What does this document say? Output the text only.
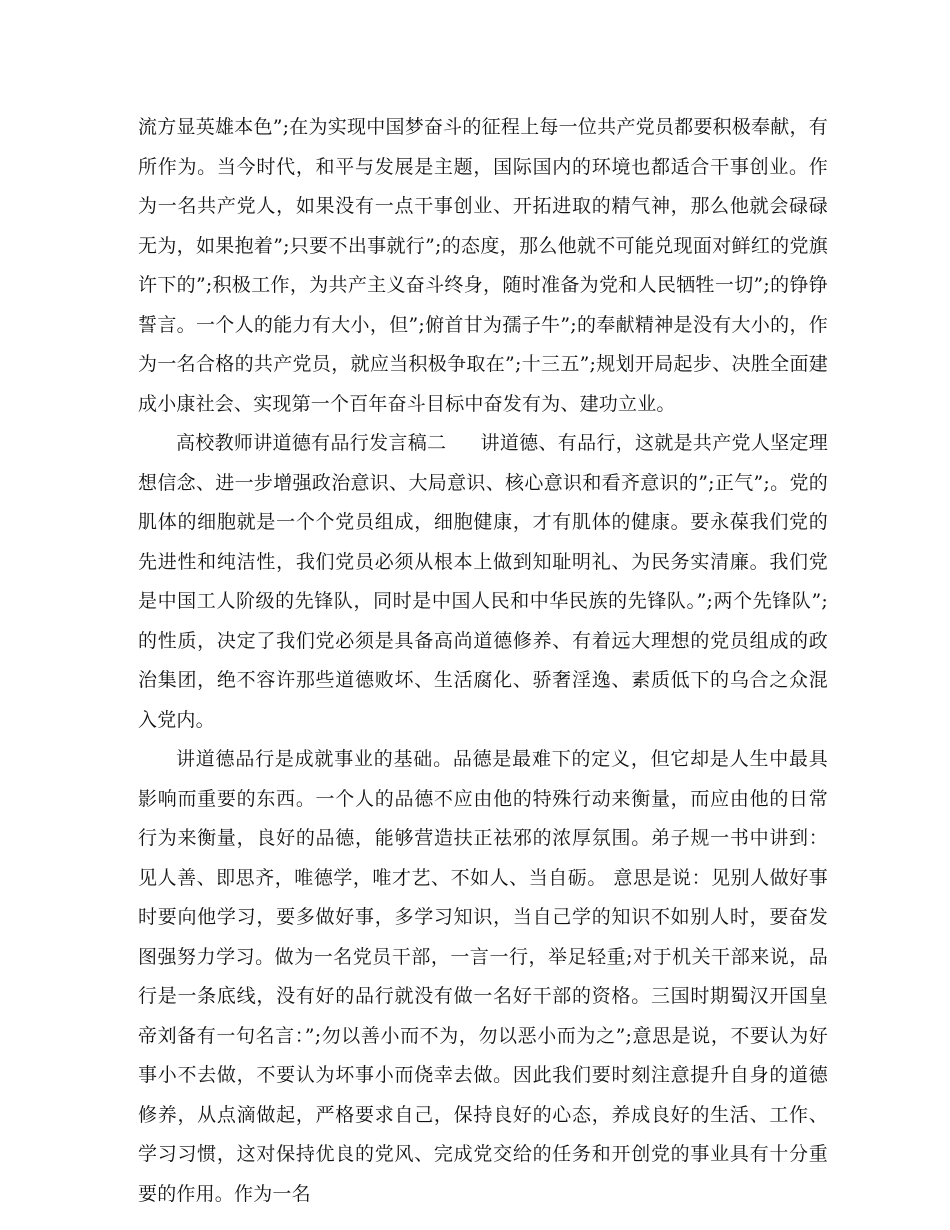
流方显英雄本色”;在为实现中国梦奋斗的征程上每一位共产党员都要积极奉献，有所作为。当今时代，和平与发展是主题，国际国内的环境也都适合干事创业。作为一名共产党人，如果没有一点干事创业、开拓进取的精气神，那么他就会碌碌无为，如果抱着”;只要不出事就行”;的态度，那么他就不可能兑现面对鲜红的党旗许下的”;积极工作，为共产主义奋斗终身，随时准备为党和人民牺牲一切”;的铮铮誓言。一个人的能力有大小，但”;俯首甘为孺子牛”;的奉献精神是没有大小的，作为一名合格的共产党员，就应当积极争取在”;十三五”;规划开局起步、决胜全面建成小康社会、实现第一个百年奋斗目标中奋发有为、建功立业。

高校教师讲道德有品行发言稿二 讲道德、有品行，这就是共产党人坚定理想信念、进一步增强政治意识、大局意识、核心意识和看齐意识的”;正气”;。党的肌体的细胞就是一个个党员组成，细胞健康，才有肌体的健康。要永葆我们党的先进性和纯洁性，我们党员必须从根本上做到知耻明礼、为民务实清廉。我们党是中国工人阶级的先锋队，同时是中国人民和中华民族的先锋队。”;两个先锋队”;的性质，决定了我们党必须是具备高尚道德修养、有着远大理想的党员组成的政治集团，绝不容许那些道德败坏、生活腐化、骄奢淫逸、素质低下的乌合之众混入党内。

讲道德品行是成就事业的基础。品德是最难下的定义，但它却是人生中最具影响而重要的东西。一个人的品德不应由他的特殊行动来衡量，而应由他的日常行为来衡量，良好的品德，能够营造扶正祛邪的浓厚氛围。弟子规一书中讲到：见人善、即思齐，唯德学，唯才艺、不如人、当自砺。 意思是说：见别人做好事时要向他学习，要多做好事，多学习知识，当自己学的知识不如别人时，要奋发图强努力学习。做为一名党员干部，一言一行，举足轻重;对于机关干部来说，品行是一条底线，没有好的品行就没有做一名好干部的资格。三国时期蜀汉开国皇帝刘备有一句名言：”;勿以善小而不为，勿以恶小而为之”;意思是说，不要认为好事小不去做，不要认为坏事小而侥幸去做。因此我们要时刻注意提升自身的道德修养，从点滴做起，严格要求自己，保持良好的心态，养成良好的生活、工作、学习习惯，这对保持优良的党风、完成党交给的任务和开创党的事业具有十分重要的作用。作为一名
